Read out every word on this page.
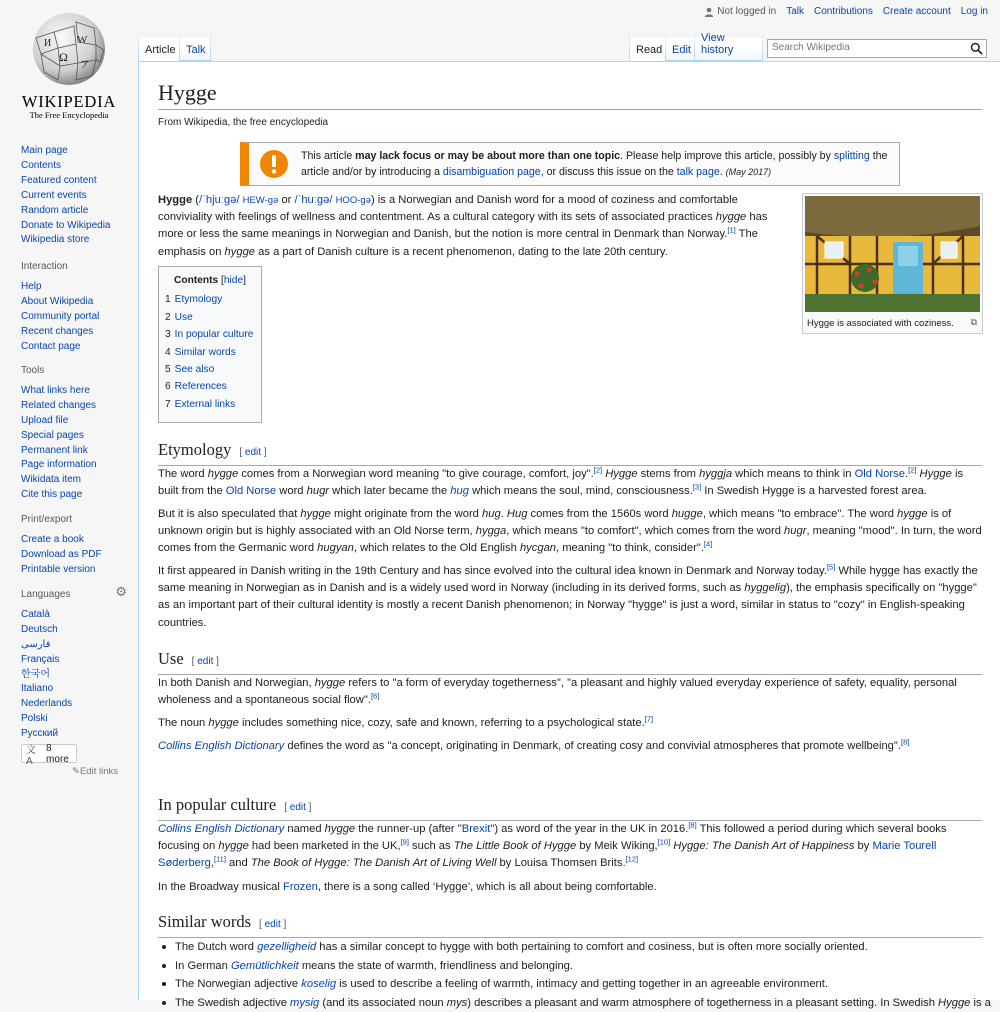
Ω
W
И
ア
WIKIPEDIA
The Free Encyclopedia
Main page
Contents
Featured content
Current events
Random article
Donate to Wikipedia
Wikipedia store
Interaction
Help
About Wikipedia
Community portal
Recent changes
Contact page
Tools
What links here
Related changes
Upload file
Special pages
Permanent link
Page information
Wikidata item
Cite this page
Print/export
Create a book
Download as PDF
Printable version
Languages	⚙
Català
Deutsch
فارسی
Français
한국어
Italiano
Nederlands
Polski
Русский
文A
8 more
✎Edit links
Not logged in Talk Contributions Create account Log in
Article Talk	Read Edit
View history	Search Wikipedia
Hygge
From Wikipedia, the free encyclopedia
This article may lack focus or may be about more than one topic. Please help improve this article, possibly by splitting the article and/or by introducing a disambiguation page, or discuss this issue on the talk page. (May 2017)
Hygge is associated with coziness. ⧉

Hygge (/ˈhjuːɡə/ HEW-gə or /ˈhuːɡə/ HOO-gə) is a Norwegian and Danish word for a mood of coziness and comfortable conviviality with feelings of wellness and contentment. As a cultural category with its sets of associated practices hygge has more or less the same meanings in Norwegian and Danish, but the notion is more central in Denmark than Norway.[1] The emphasis on hygge as a part of Danish culture is a recent phenomenon, dating to the late 20th century.

Contents [hide]
1 Etymology
2 Use
3 In popular culture
4 Similar words
5 See also
6 References
7 External links
Etymology [ edit ]

The word hygge comes from a Norwegian word meaning "to give courage, comfort, joy".[2] Hygge stems from hyggja which means to think in Old Norse.[2] Hygge is built from the Old Norse word hugr which later became the hug which means the soul, mind, consciousness.[3] In Swedish Hygge is a harvested forest area.

But it is also speculated that hygge might originate from the word hug. Hug comes from the 1560s word hugge, which means "to embrace". The word hygge is of unknown origin but is highly associated with an Old Norse term, hygga, which means "to comfort", which comes from the word hugr, meaning "mood". In turn, the word comes from the Germanic word hugyan, which relates to the Old English hycgan, meaning "to think, consider".[4]

It first appeared in Danish writing in the 19th Century and has since evolved into the cultural idea known in Denmark and Norway today.[5] While hygge has exactly the same meaning in Norwegian as in Danish and is a widely used word in Norway (including in its derived forms, such as hyggelig), the emphasis specifically on "hygge" as an important part of their cultural identity is mostly a recent Danish phenomenon; in Norway "hygge" is just a word, similar in status to "cozy" in English-speaking countries.

Use [ edit ]

In both Danish and Norwegian, hygge refers to "a form of everyday togetherness", "a pleasant and highly valued everyday experience of safety, equality, personal wholeness and a spontaneous social flow".[6]

The noun hygge includes something nice, cozy, safe and known, referring to a psychological state.[7]

Collins English Dictionary defines the word as "a concept, originating in Denmark, of creating cosy and convivial atmospheres that promote wellbeing".[8]

In popular culture [ edit ]

Collins English Dictionary named hygge the runner-up (after "Brexit") as word of the year in the UK in 2016.[8] This followed a period during which several books focusing on hygge had been marketed in the UK,[9] such as The Little Book of Hygge by Meik Wiking,[10] Hygge: The Danish Art of Happiness by Marie Tourell Søderberg,[11] and The Book of Hygge: The Danish Art of Living Well by Louisa Thomsen Brits.[12]

In the Broadway musical Frozen, there is a song called ‘Hygge’, which is all about being comfortable.

Similar words [ edit ]
The Dutch word gezelligheid has a similar concept to hygge with both pertaining to comfort and cosiness, but is often more socially oriented.
In German Gemütlichkeit means the state of warmth, friendliness and belonging.
The Norwegian adjective koselig is used to describe a feeling of warmth, intimacy and getting together in an agreeable environment.
The Swedish adjective mysig (and its associated noun mys) describes a pleasant and warm atmosphere of togetherness in a pleasant setting. In Swedish Hygge is a
